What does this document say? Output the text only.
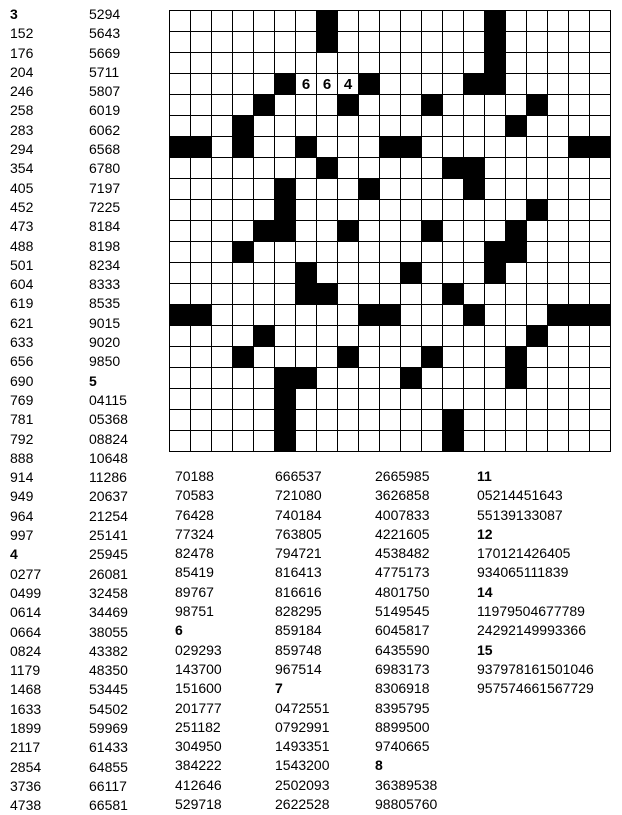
6 6 4
3
152
176
204
246
258
283
294
354
405
452
473
488
501
604
619
621
633
656
690
769
781
792
888
914
949
964
997
4
0277
0499
0614
0664
0824
1179
1468
1633
1899
2117
2854
3736
4738
5294
5643
5669
5711
5807
6019
6062
6568
6780
7197
7225
8184
8198
8234
8333
8535
9015
9020
9850
5
04115
05368
08824
10648
11286
20637
21254
25141
25945
26081
32458
34469
38055
43382
48350
53445
54502
59969
61433
64855
66117
66581
70188
70583
76428
77324
82478
85419
89767
98751
6
029293
143700
151600
201777
251182
304950
384222
412646
529718
666537
721080
740184
763805
794721
816413
816616
828295
859184
859748
967514
7
0472551
0792991
1493351
1543200
2502093
2622528
2665985
3626858
4007833
4221605
4538482
4775173
4801750
5149545
6045817
6435590
6983173
8306918
8395795
8899500
9740665
8
36389538
98805760
11
05214451643
55139133087
12
170121426405
934065111839
14
11979504677789
24292149993366
15
937978161501046
957574661567729
